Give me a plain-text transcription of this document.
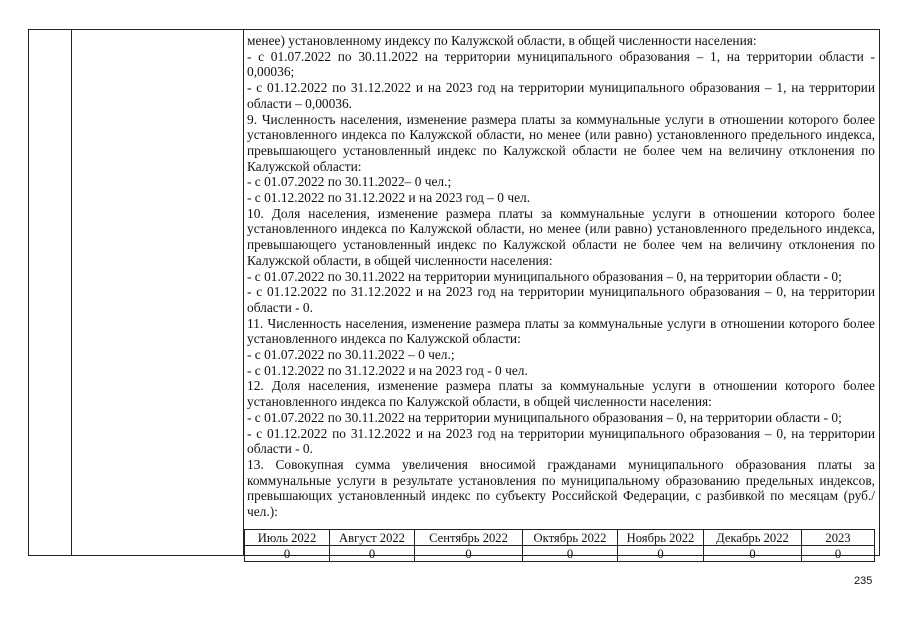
менее) установленному индексу по Калужской области, в общей численности населения:

- с 01.07.2022 по 30.11.2022 на территории муниципального образования – 1, на территории области - 0,00036;

- с 01.12.2022 по 31.12.2022 и на 2023 год на территории муниципального образования – 1, на территории области – 0,00036.

9. Численность населения, изменение размера платы за коммунальные услуги в отношении которого более установленного индекса по Калужской области, но менее (или равно) установленного предельного индекса, превышающего установленный индекс по Калужской области не более чем на величину отклонения по Калужской области:

- с 01.07.2022 по 30.11.2022– 0 чел.;

- с 01.12.2022 по 31.12.2022 и на 2023 год – 0 чел.

10. Доля населения, изменение размера платы за коммунальные услуги в отношении которого более установленного индекса по Калужской области, но менее (или равно) установленного предельного индекса, превышающего установленный индекс по Калужской области не более чем на величину отклонения по Калужской области, в общей численности населения:

- с 01.07.2022 по 30.11.2022 на территории муниципального образования – 0, на территории области - 0;

- с 01.12.2022 по 31.12.2022 и на 2023 год на территории муниципального образования – 0, на территории области - 0.

11. Численность населения, изменение размера платы за коммунальные услуги в отношении которого более установленного индекса по Калужской области:

- с 01.07.2022 по 30.11.2022 – 0 чел.;

- с 01.12.2022 по 31.12.2022 и на 2023 год - 0 чел.

12. Доля населения, изменение размера платы за коммунальные услуги в отношении которого более установленного индекса по Калужской области, в общей численности населения:

- с 01.07.2022 по 30.11.2022 на территории муниципального образования – 0, на территории области - 0;

- с 01.12.2022 по 31.12.2022 и на 2023 год на территории муниципального образования – 0, на территории области - 0.

13. Совокупная сумма увеличения вносимой гражданами муниципального образования платы за коммунальные услуги в результате установления по муниципальному образованию предельных индексов, превышающих установленный индекс по субъекту Российской Федерации, с разбивкой по месяцам (руб./чел.):

Июль 2022	Август 2022	Сентябрь 2022	Октябрь 2022	Ноябрь 2022	Декабрь 2022	2023
0	0	0	0	0	0	0
235
